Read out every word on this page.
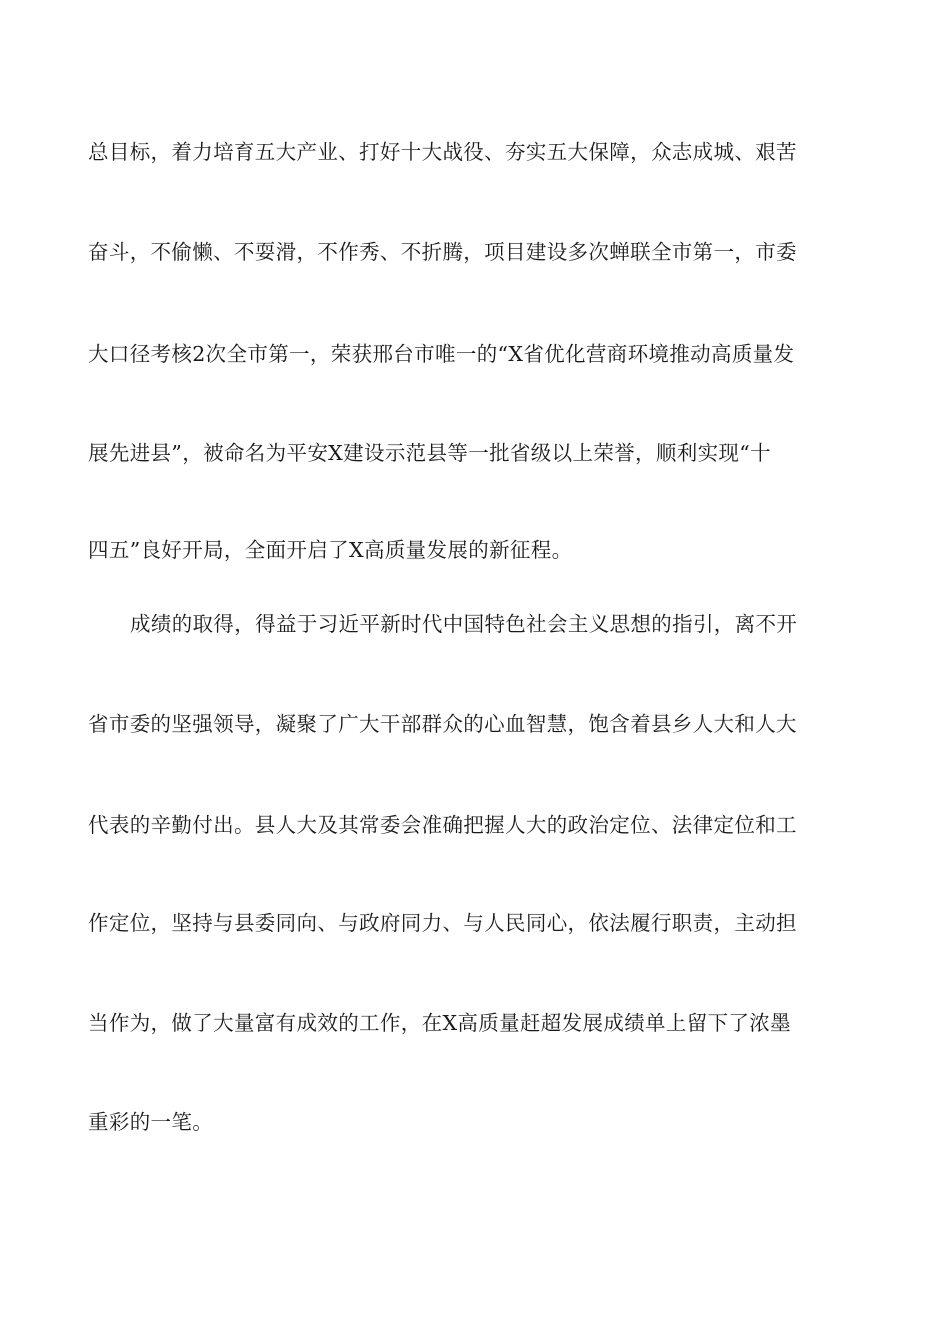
总目标，着力培育五大产业、打好十大战役、夯实五大保障，众志成城、艰苦
奋斗，不偷懒、不耍滑，不作秀、不折腾，项目建设多次蝉联全市第一，市委
大口径考核2次全市第一，荣获邢台市唯一的“X省优化营商环境推动高质量发
展先进县”，被命名为平安X建设示范县等一批省级以上荣誉，顺利实现“十
四五”良好开局，全面开启了X高质量发展的新征程。
成绩的取得，得益于习近平新时代中国特色社会主义思想的指引，离不开
省市委的坚强领导，凝聚了广大干部群众的心血智慧，饱含着县乡人大和人大
代表的辛勤付出。县人大及其常委会准确把握人大的政治定位、法律定位和工
作定位，坚持与县委同向、与政府同力、与人民同心，依法履行职责，主动担
当作为，做了大量富有成效的工作，在X高质量赶超发展成绩单上留下了浓墨
重彩的一笔。
